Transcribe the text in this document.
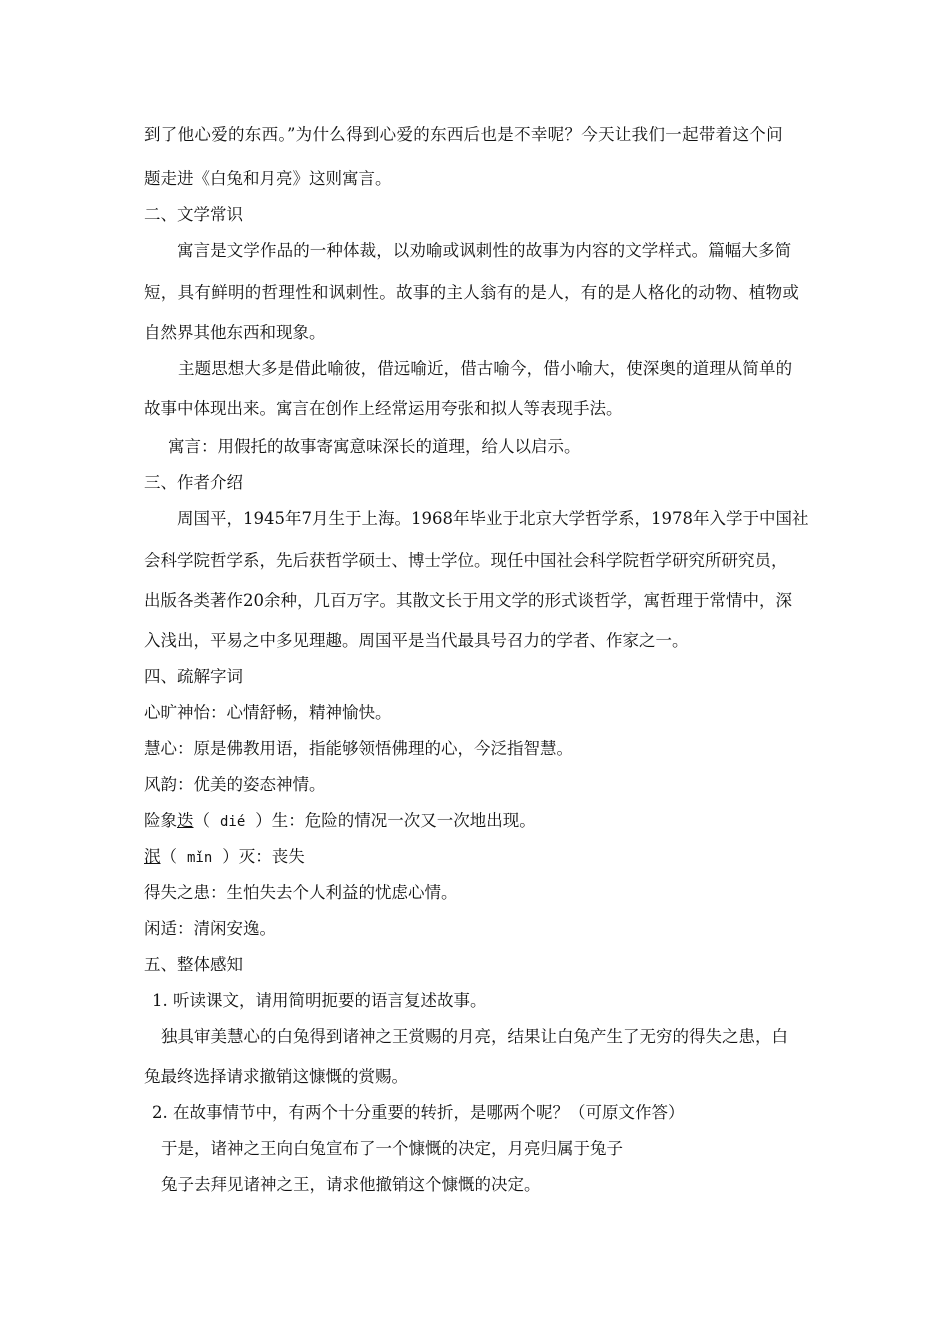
到了他心爱的东西。”为什么得到心爱的东西后也是不幸呢？今天让我们一起带着这个问
题走进《白兔和月亮》这则寓言。
二、文学常识
寓言是文学作品的一种体裁，以劝喻或讽刺性的故事为内容的文学样式。篇幅大多简
短，具有鲜明的哲理性和讽刺性。故事的主人翁有的是人，有的是人格化的动物、植物或
自然界其他东西和现象。
主题思想大多是借此喻彼，借远喻近，借古喻今，借小喻大，使深奥的道理从简单的
故事中体现出来。寓言在创作上经常运用夸张和拟人等表现手法。
寓言：用假托的故事寄寓意味深长的道理，给人以启示。
三、作者介绍
周国平，1945年7月生于上海。1968年毕业于北京大学哲学系，1978年入学于中国社
会科学院哲学系，先后获哲学硕士、博士学位。现任中国社会科学院哲学研究所研究员，
出版各类著作20余种，几百万字。其散文长于用文学的形式谈哲学，寓哲理于常情中，深
入浅出，平易之中多见理趣。周国平是当代最具号召力的学者、作家之一。
四、疏解字词
心旷神怡：心情舒畅，精神愉快。
慧心：原是佛教用语，指能够领悟佛理的心，今泛指智慧。
风韵：优美的姿态神情。
险象迭（ dié ）生：危险的情况一次又一次地出现。
泯（ mǐn ）灭：丧失
得失之患：生怕失去个人利益的忧虑心情。
闲适：清闲安逸。
五、整体感知
1. 听读课文，请用简明扼要的语言复述故事。
独具审美慧心的白兔得到诸神之王赏赐的月亮，结果让白兔产生了无穷的得失之患，白
兔最终选择请求撤销这慷慨的赏赐。
2. 在故事情节中，有两个十分重要的转折，是哪两个呢？（可原文作答）
于是，诸神之王向白兔宣布了一个慷慨的决定，月亮归属于兔子
兔子去拜见诸神之王，请求他撤销这个慷慨的决定。
